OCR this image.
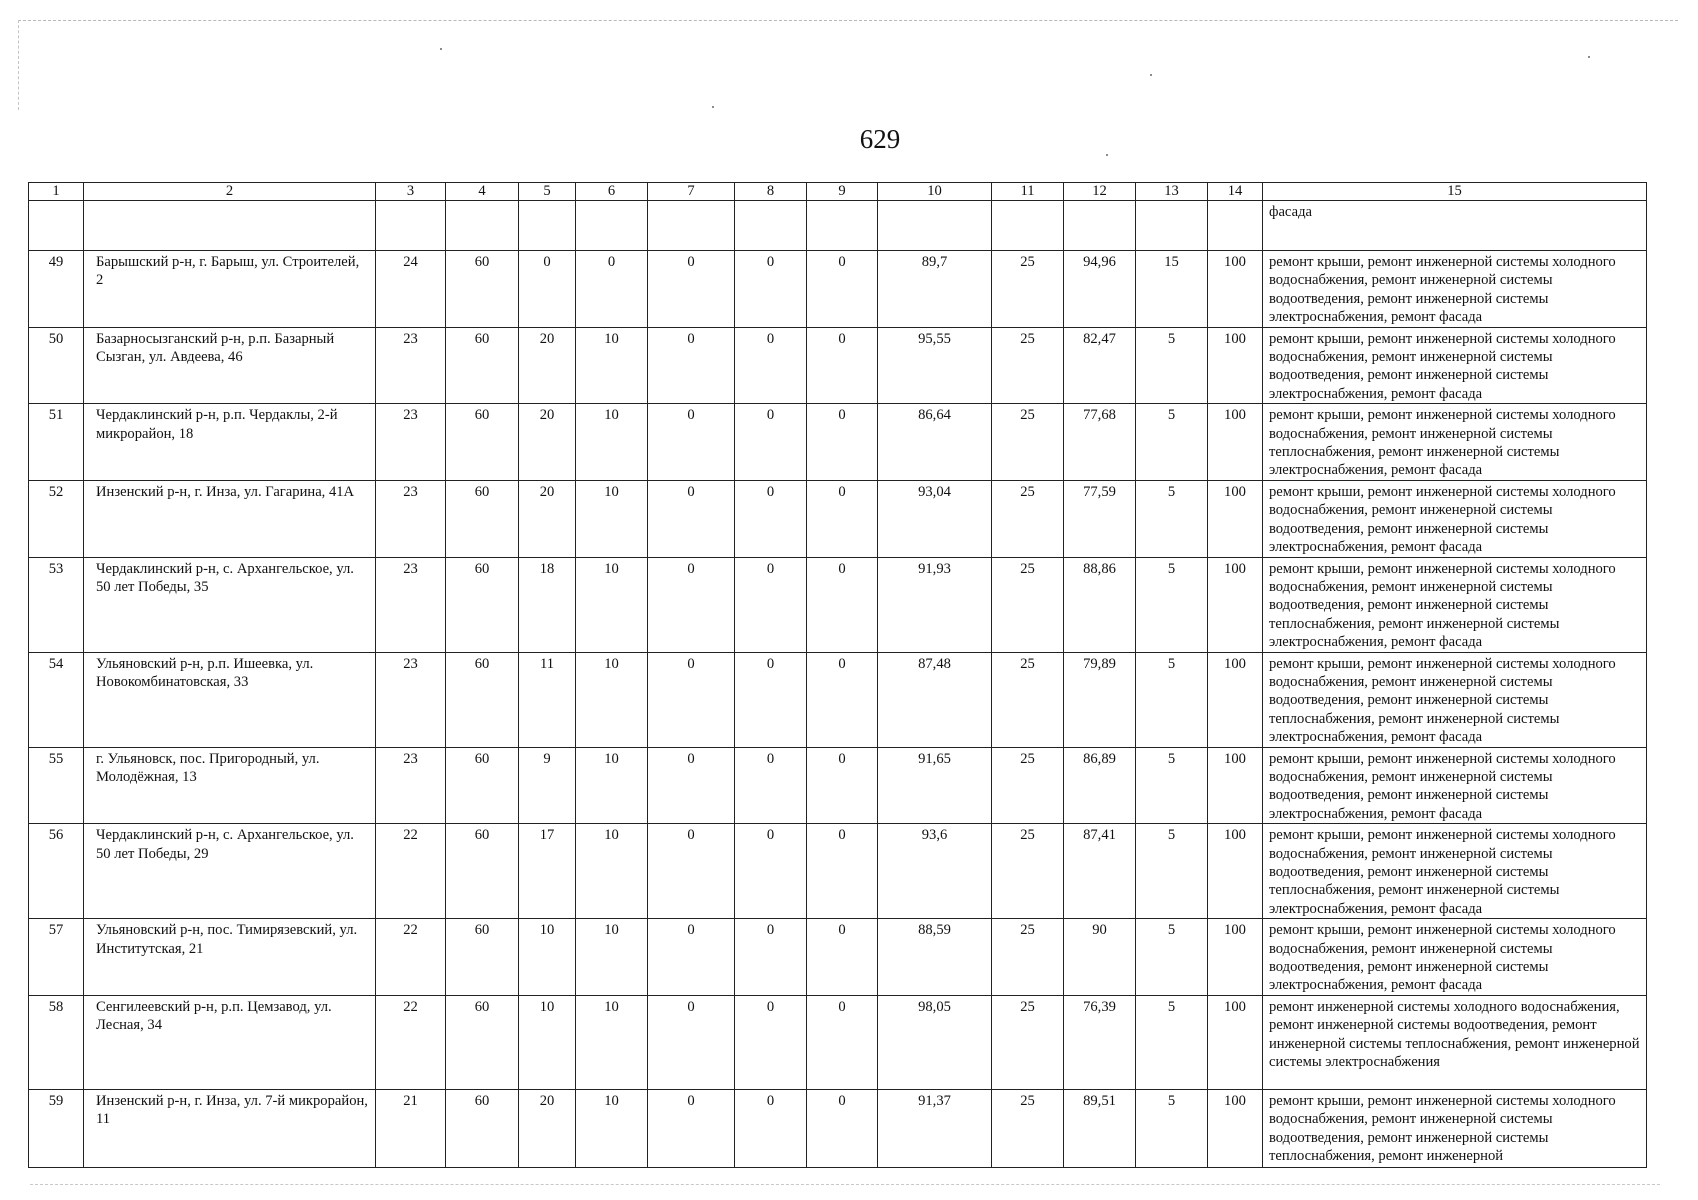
629
1	2	3	4	5	6	7	8	9	10	11	12	13	14	15
														фасада
49	Барышский р-н, г. Барыш, ул. Строителей, 2	24	60	0	0	0	0	0	89,7	25	94,96	15	100	ремонт крыши, ремонт инженерной системы холодного водоснабжения, ремонт инженерной системы водоотведения, ремонт инженерной системы электроснабжения, ремонт фасада
50	Базарносызганский р-н, р.п. Базарный Сызган, ул. Авдеева, 46	23	60	20	10	0	0	0	95,55	25	82,47	5	100	ремонт крыши, ремонт инженерной системы холодного водоснабжения, ремонт инженерной системы водоотведения, ремонт инженерной системы электроснабжения, ремонт фасада
51	Чердаклинский р-н, р.п. Чердаклы, 2-й микрорайон, 18	23	60	20	10	0	0	0	86,64	25	77,68	5	100	ремонт крыши, ремонт инженерной системы холодного водоснабжения, ремонт инженерной системы теплоснабжения, ремонт инженерной системы электроснабжения, ремонт фасада
52	Инзенский р-н, г. Инза, ул. Гагарина, 41А	23	60	20	10	0	0	0	93,04	25	77,59	5	100	ремонт крыши, ремонт инженерной системы холодного водоснабжения, ремонт инженерной системы водоотведения, ремонт инженерной системы электроснабжения, ремонт фасада
53	Чердаклинский р-н, с. Архангельское, ул. 50 лет Победы, 35	23	60	18	10	0	0	0	91,93	25	88,86	5	100	ремонт крыши, ремонт инженерной системы холодного водоснабжения, ремонт инженерной системы водоотведения, ремонт инженерной системы теплоснабжения, ремонт инженерной системы электроснабжения, ремонт фасада
54	Ульяновский р-н, р.п. Ишеевка, ул. Новокомбинатовская, 33	23	60	11	10	0	0	0	87,48	25	79,89	5	100	ремонт крыши, ремонт инженерной системы холодного водоснабжения, ремонт инженерной системы водоотведения, ремонт инженерной системы теплоснабжения, ремонт инженерной системы электроснабжения, ремонт фасада
55	г. Ульяновск, пос. Пригородный, ул. Молодёжная, 13	23	60	9	10	0	0	0	91,65	25	86,89	5	100	ремонт крыши, ремонт инженерной системы холодного водоснабжения, ремонт инженерной системы водоотведения, ремонт инженерной системы электроснабжения, ремонт фасада
56	Чердаклинский р-н, с. Архангельское, ул. 50 лет Победы, 29	22	60	17	10	0	0	0	93,6	25	87,41	5	100	ремонт крыши, ремонт инженерной системы холодного водоснабжения, ремонт инженерной системы водоотведения, ремонт инженерной системы теплоснабжения, ремонт инженерной системы электроснабжения, ремонт фасада
57	Ульяновский р-н, пос. Тимирязевский, ул. Институтская, 21	22	60	10	10	0	0	0	88,59	25	90	5	100	ремонт крыши, ремонт инженерной системы холодного водоснабжения, ремонт инженерной системы водоотведения, ремонт инженерной системы электроснабжения, ремонт фасада
58	Сенгилеевский р-н, р.п. Цемзавод, ул. Лесная, 34	22	60	10	10	0	0	0	98,05	25	76,39	5	100	ремонт инженерной системы холодного водоснабжения, ремонт инженерной системы водоотведения, ремонт инженерной системы теплоснабжения, ремонт инженерной системы электроснабжения
59	Инзенский р-н, г. Инза, ул. 7-й микрорайон, 11	21	60	20	10	0	0	0	91,37	25	89,51	5	100	ремонт крыши, ремонт инженерной системы холодного водоснабжения, ремонт инженерной системы водоотведения, ремонт инженерной системы теплоснабжения, ремонт инженерной
